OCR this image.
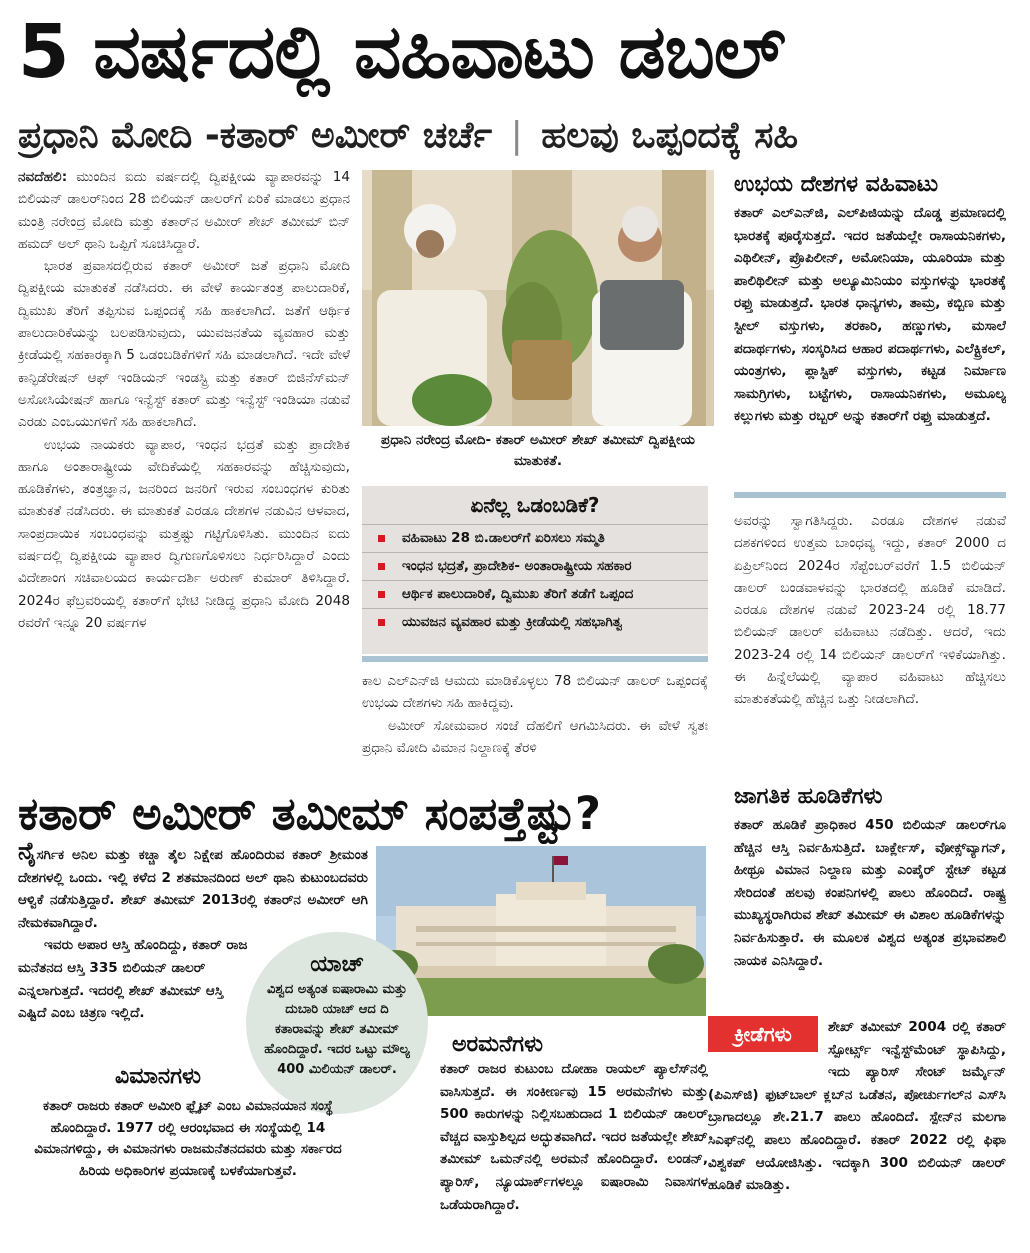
5 ವರ್ಷದಲ್ಲಿ ವಹಿವಾಟು ಡಬಲ್
ಪ್ರಧಾನಿ ಮೋದಿ -ಕತಾರ್ ಅಮೀರ್ ಚರ್ಚೆ | ಹಲವು ಒಪ್ಪಂದಕ್ಕೆ ಸಹಿ

ನವದೆಹಲಿ: ಮುಂದಿನ ಐದು ವರ್ಷದಲ್ಲಿ ದ್ವಿಪಕ್ಷೀಯ ವ್ಯಾಪಾರವನ್ನು 14 ಬಿಲಿಯನ್ ಡಾಲರ್‌ನಿಂದ 28 ಬಿಲಿಯನ್ ಡಾಲರ್‌ಗೆ ಏರಿಕೆ ಮಾಡಲು ಪ್ರಧಾನ ಮಂತ್ರಿ ನರೇಂದ್ರ ಮೋದಿ ಮತ್ತು ಕತಾರ್‌ನ ಅಮೀರ್ ಶೇಖ್ ತಮೀಮ್ ಬಿನ್ ಹಮದ್ ಅಲ್ ಥಾನಿ ಒಪ್ಪಿಗೆ ಸೂಚಿಸಿದ್ದಾರೆ.

ಭಾರತ ಪ್ರವಾಸದಲ್ಲಿರುವ ಕತಾರ್ ಅಮೀರ್ ಜತೆ ಪ್ರಧಾನಿ ಮೋದಿ ದ್ವಿಪಕ್ಷೀಯ ಮಾತುಕತೆ ನಡೆಸಿದರು. ಈ ವೇಳೆ ಕಾರ್ಯತಂತ್ರ ಪಾಲುದಾರಿಕೆ, ದ್ವಿಮುಖ ತೆರಿಗೆ ತಪ್ಪಿಸುವ ಒಪ್ಪಂದಕ್ಕೆ ಸಹಿ ಹಾಕಲಾಗಿದೆ. ಜತೆಗೆ ಆರ್ಥಿಕ ಪಾಲುದಾರಿಕೆಯನ್ನು ಬಲಪಡಿಸುವುದು, ಯುವಜನತೆಯ ವ್ಯವಹಾರ ಮತ್ತು ಕ್ರೀಡೆಯಲ್ಲಿ ಸಹಕಾರಕ್ಕಾಗಿ 5 ಒಡಂಬಡಿಕೆಗಳಿಗೆ ಸಹಿ ಮಾಡಲಾಗಿದೆ. ಇದೇ ವೇಳೆ ಕಾನ್ಫಿಡೆರೇಷನ್ ಆಫ್ ಇಂಡಿಯನ್ ಇಂಡಸ್ಟ್ರಿ ಮತ್ತು ಕತಾರ್ ಬಿಜಿನೆಸ್‌ಮನ್ ಅಸೋಸಿಯೇಷನ್ ಹಾಗೂ ಇನ್ವೆಸ್ಟ್ ಕತಾರ್ ಮತ್ತು ಇನ್ವೆಸ್ಟ್ ಇಂಡಿಯಾ ನಡುವೆ ಎರಡು ಎಂಒಯುಗಳಿಗೆ ಸಹಿ ಹಾಕಲಾಗಿದೆ.

ಉಭಯ ನಾಯಕರು ವ್ಯಾಪಾರ, ಇಂಧನ ಭದ್ರತೆ ಮತ್ತು ಪ್ರಾದೇಶಿಕ ಹಾಗೂ ಅಂತಾರಾಷ್ಟ್ರೀಯ ವೇದಿಕೆಯಲ್ಲಿ ಸಹಕಾರವನ್ನು ಹೆಚ್ಚಿಸುವುದು, ಹೂಡಿಕೆಗಳು, ತಂತ್ರಜ್ಞಾನ, ಜನರಿಂದ ಜನರಿಗೆ ಇರುವ ಸಂಬಂಧಗಳ ಕುರಿತು ಮಾತುಕತೆ ನಡೆಸಿದರು. ಈ ಮಾತುಕತೆ ಎರಡೂ ದೇಶಗಳ ನಡುವಿನ ಆಳವಾದ, ಸಾಂಪ್ರದಾಯಿಕ ಸಂಬಂಧವನ್ನು ಮತ್ತಷ್ಟು ಗಟ್ಟಿಗೊಳಿಸಿತು. ಮುಂದಿನ ಐದು ವರ್ಷದಲ್ಲಿ ದ್ವಿಪಕ್ಷೀಯ ವ್ಯಾಪಾರ ದ್ವಿಗುಣಗೊಳಿಸಲು ನಿರ್ಧರಿಸಿದ್ದಾರೆ ಎಂದು ವಿದೇಶಾಂಗ ಸಚಿವಾಲಯದ ಕಾರ್ಯದರ್ಶಿ ಅರುಣ್ ಕುಮಾರ್ ತಿಳಿಸಿದ್ದಾರೆ. 2024ರ ಫೆಬ್ರವರಿಯಲ್ಲಿ ಕತಾರ್‌ಗೆ ಭೇಟಿ ನೀಡಿದ್ದ ಪ್ರಧಾನಿ ಮೋದಿ 2048 ರವರೆಗೆ ಇನ್ನೂ 20 ವರ್ಷಗಳ

ಪ್ರಧಾನಿ ನರೇಂದ್ರ ಮೋದಿ- ಕತಾರ್ ಅಮೀರ್ ಶೇಖ್ ತಮೀಮ್ ದ್ವಿಪಕ್ಷೀಯ ಮಾತುಕತೆ.
ಏನೆಲ್ಲ ಒಡಂಬಡಿಕೆ?
ವಹಿವಾಟು 28 ಬಿ.ಡಾಲರ್‌ಗೆ ಏರಿಸಲು ಸಮ್ಮತಿ
ಇಂಧನ ಭದ್ರತೆ, ಪ್ರಾದೇಶಿಕ- ಅಂತಾರಾಷ್ಟ್ರೀಯ ಸಹಕಾರ
ಆರ್ಥಿಕ ಪಾಲುದಾರಿಕೆ, ದ್ವಿಮುಖ ತೆರಿಗೆ ತಡೆಗೆ ಒಪ್ಪಂದ
ಯುವಜನ ವ್ಯವಹಾರ ಮತ್ತು ಕ್ರೀಡೆಯಲ್ಲಿ ಸಹಭಾಗಿತ್ವ

ಕಾಲ ಎಲ್‌ಎನ್‌ಜಿ ಆಮದು ಮಾಡಿಕೊಳ್ಳಲು 78 ಬಿಲಿಯನ್ ಡಾಲರ್ ಒಪ್ಪಂದಕ್ಕೆ ಉಭಯ ದೇಶಗಳು ಸಹಿ ಹಾಕಿದ್ದವು.

ಅಮೀರ್ ಸೋಮವಾರ ಸಂಜೆ ದೆಹಲಿಗೆ ಆಗಮಿಸಿದರು. ಈ ವೇಳೆ ಸ್ವತಃ ಪ್ರಧಾನಿ ಮೋದಿ ವಿಮಾನ ನಿಲ್ದಾಣಕ್ಕೆ ತೆರಳಿ

ಉಭಯ ದೇಶಗಳ ವಹಿವಾಟು
ಕತಾರ್ ಎಲ್‌ಎನ್‌ಜಿ, ಎಲ್‌ಪಿಜಿಯನ್ನು ದೊಡ್ಡ ಪ್ರಮಾಣದಲ್ಲಿ ಭಾರತಕ್ಕೆ ಪೂರೈಸುತ್ತದೆ. ಇದರ ಜತೆಯಲ್ಲೇ ರಾಸಾಯನಿಕಗಳು, ಎಥಿಲೀನ್, ಪ್ರೊಪಿಲೀನ್, ಅಮೋನಿಯಾ, ಯೂರಿಯಾ ಮತ್ತು ಪಾಲಿಥಿಲೀನ್ ಮತ್ತು ಅಲ್ಯೂಮಿನಿಯಂ ವಸ್ತುಗಳನ್ನು ಭಾರತಕ್ಕೆ ರಫ್ತು ಮಾಡುತ್ತದೆ. ಭಾರತ ಧಾನ್ಯಗಳು, ತಾಮ್ರ, ಕಬ್ಬಿಣ ಮತ್ತು ಸ್ಟೀಲ್ ವಸ್ತುಗಳು, ತರಕಾರಿ, ಹಣ್ಣುಗಳು, ಮಸಾಲೆ ಪದಾರ್ಥಗಳು, ಸಂಸ್ಕರಿಸಿದ ಆಹಾರ ಪದಾರ್ಥಗಳು, ಎಲೆಕ್ಟ್ರಿಕಲ್, ಯಂತ್ರಗಳು, ಪ್ಲಾಸ್ಟಿಕ್ ವಸ್ತುಗಳು, ಕಟ್ಟಡ ನಿರ್ಮಾಣ ಸಾಮಗ್ರಿಗಳು, ಬಟ್ಟೆಗಳು, ರಾಸಾಯನಿಕಗಳು, ಅಮೂಲ್ಯ ಕಲ್ಲುಗಳು ಮತ್ತು ರಬ್ಬರ್ ಅನ್ನು ಕತಾರ್‌ಗೆ ರಫ್ತು ಮಾಡುತ್ತದೆ.

ಅವರನ್ನು ಸ್ವಾಗತಿಸಿದ್ದರು. ಎರಡೂ ದೇಶಗಳ ನಡುವೆ ದಶಕಗಳಿಂದ ಉತ್ತಮ ಬಾಂಧವ್ಯ ಇದ್ದು, ಕತಾರ್ 2000 ದ ಏಪ್ರಿಲ್‌ನಿಂದ 2024ರ ಸೆಪ್ಟೆಂಬರ್‌ವರೆಗೆ 1.5 ಬಿಲಿಯನ್ ಡಾಲರ್ ಬಂಡವಾಳವನ್ನು ಭಾರತದಲ್ಲಿ ಹೂಡಿಕೆ ಮಾಡಿದೆ. ಎರಡೂ ದೇಶಗಳ ನಡುವೆ 2023-24 ರಲ್ಲಿ 18.77 ಬಿಲಿಯನ್ ಡಾಲರ್ ವಹಿವಾಟು ನಡೆದಿತ್ತು. ಆದರೆ, ಇದು 2023-24 ರಲ್ಲಿ 14 ಬಿಲಿಯನ್ ಡಾಲರ್‌ಗೆ ಇಳಿಕೆಯಾಗಿತ್ತು. ಈ ಹಿನ್ನೆಲೆಯಲ್ಲಿ ವ್ಯಾಪಾರ ವಹಿವಾಟು ಹೆಚ್ಚಿಸಲು ಮಾತುಕತೆಯಲ್ಲಿ ಹೆಚ್ಚಿನ ಒತ್ತು ನೀಡಲಾಗಿದೆ.

ಕತಾರ್ ಅಮೀರ್ ತಮೀಮ್ ಸಂಪತ್ತೆಷ್ಟು?
ನೈಸರ್ಗಿಕ ಅನಿಲ ಮತ್ತು ಕಚ್ಚಾ ತೈಲ ನಿಕ್ಷೇಪ ಹೊಂದಿರುವ ಕತಾರ್ ಶ್ರೀಮಂತ ದೇಶಗಳಲ್ಲಿ ಒಂದು. ಇಲ್ಲಿ ಕಳೆದ 2 ಶತಮಾನದಿಂದ ಅಲ್ ಥಾನಿ ಕುಟುಂಬದವರು ಆಳ್ವಿಕೆ ನಡೆಸುತ್ತಿದ್ದಾರೆ. ಶೇಖ್ ತಮೀಮ್ 2013ರಲ್ಲಿ ಕತಾರ್‌ನ ಅಮೀರ್ ಆಗಿ ನೇಮಕವಾಗಿದ್ದಾರೆ.
ಇವರು ಅಪಾರ ಆಸ್ತಿ ಹೊಂದಿದ್ದು, ಕತಾರ್ ರಾಜ ಮನೆತನದ ಆಸ್ತಿ 335 ಬಿಲಿಯನ್ ಡಾಲರ್ ಎನ್ನಲಾಗುತ್ತದೆ. ಇದರಲ್ಲಿ ಶೇಖ್ ತಮೀಮ್ ಆಸ್ತಿ ಎಷ್ಟಿದೆ ಎಂಬ ಚಿತ್ರಣ ಇಲ್ಲಿದೆ.
ಯಾಚ್
ವಿಶ್ವದ ಅತ್ಯಂತ ಐಷಾರಾಮಿ ಮತ್ತು ದುಬಾರಿ ಯಾಚ್ ಆದ ದಿ ಕತಾರಾವನ್ನು ಶೇಖ್ ತಮೀಮ್ ಹೊಂದಿದ್ದಾರೆ. ಇದರ ಒಟ್ಟು ಮೌಲ್ಯ 400 ಮಿಲಿಯನ್ ಡಾಲರ್.
ವಿಮಾನಗಳು
ಕತಾರ್ ರಾಜರು ಕತಾರ್ ಅಮೀರಿ ಫ್ಲೈಟ್ ಎಂಬ ವಿಮಾನಯಾನ ಸಂಸ್ಥೆ ಹೊಂದಿದ್ದಾರೆ. 1977 ರಲ್ಲಿ ಆರಂಭವಾದ ಈ ಸಂಸ್ಥೆಯಲ್ಲಿ 14 ವಿಮಾನಗಳಿದ್ದು, ಈ ವಿಮಾನಗಳು ರಾಜಮನೆತನದವರು ಮತ್ತು ಸರ್ಕಾರದ ಹಿರಿಯ ಅಧಿಕಾರಿಗಳ ಪ್ರಯಾಣಕ್ಕೆ ಬಳಕೆಯಾಗುತ್ತವೆ.
ಅರಮನೆಗಳು
ಕತಾರ್ ರಾಜರ ಕುಟುಂಬ ದೋಹಾ ರಾಯಲ್ ಪ್ಯಾಲೆಸ್‌ನಲ್ಲಿ ವಾಸಿಸುತ್ತದೆ. ಈ ಸಂಕೀರ್ಣವು 15 ಅರಮನೆಗಳು ಮತ್ತು 500 ಕಾರುಗಳನ್ನು ನಿಲ್ಲಿಸಬಹುದಾದ 1 ಬಿಲಿಯನ್ ಡಾಲರ್ ವೆಚ್ಚದ ವಾಸ್ತುಶಿಲ್ಪದ ಅದ್ಭುತವಾಗಿದೆ. ಇದರ ಜತೆಯಲ್ಲೇ ಶೇಖ್ ತಮೀಮ್ ಒಮನ್‌ನಲ್ಲಿ ಅರಮನೆ ಹೊಂದಿದ್ದಾರೆ. ಲಂಡನ್, ಪ್ಯಾರಿಸ್, ನ್ಯೂಯಾರ್ಕ್‌ಗಳಲ್ಲೂ ಐಷಾರಾಮಿ ನಿವಾಸಗಳ ಒಡೆಯರಾಗಿದ್ದಾರೆ.
ಜಾಗತಿಕ ಹೂಡಿಕೆಗಳು
ಕತಾರ್ ಹೂಡಿಕೆ ಪ್ರಾಧಿಕಾರ 450 ಬಿಲಿಯನ್ ಡಾಲರ್‌ಗೂ ಹೆಚ್ಚಿನ ಆಸ್ತಿ ನಿರ್ವಹಿಸುತ್ತಿದೆ. ಬಾರ್ಕ್ಲೇಸ್, ವೋಕ್ಸ್‌ವ್ಯಾಗನ್, ಹೀಥ್ರೂ ವಿಮಾನ ನಿಲ್ದಾಣ ಮತ್ತು ಎಂಪೈರ್ ಸ್ಟೇಟ್ ಕಟ್ಟಡ ಸೇರಿದಂತೆ ಹಲವು ಕಂಪನಿಗಳಲ್ಲಿ ಪಾಲು ಹೊಂದಿದೆ. ರಾಷ್ಟ್ರ ಮುಖ್ಯಸ್ಥರಾಗಿರುವ ಶೇಖ್ ತಮೀಮ್ ಈ ವಿಶಾಲ ಹೂಡಿಕೆಗಳನ್ನು ನಿರ್ವಹಿಸುತ್ತಾರೆ. ಈ ಮೂಲಕ ವಿಶ್ವದ ಅತ್ಯಂತ ಪ್ರಭಾವಶಾಲಿ ನಾಯಕ ಎನಿಸಿದ್ದಾರೆ.
ಕ್ರೀಡೆಗಳು	ಶೇಖ್ ತಮೀಮ್ 2004 ರಲ್ಲಿ ಕತಾರ್ ಸ್ಪೋರ್ಟ್ಸ್ ಇನ್ವೆಸ್ಟ್‌ಮೆಂಟ್ ಸ್ಥಾಪಿಸಿದ್ದು, ಇದು ಪ್ಯಾರಿಸ್ ಸೇಂಟ್ ಜರ್ಮೈನ್ (ಪಿಎಸ್‌ಜಿ) ಫುಟ್‌ಬಾಲ್ ಕ್ಲಬ್‌ನ ಒಡೆತನ, ಪೋರ್ಚುಗಲ್‌ನ ಎಸ್‌ಸಿ ಬ್ರಾಗಾದಲ್ಲೂ ಶೇ.21.7 ಪಾಲು ಹೊಂದಿದೆ. ಸ್ಪೇನ್‌ನ ಮಲಗಾ ಸಿಎಫ್‌ನಲ್ಲಿ ಪಾಲು ಹೊಂದಿದ್ದಾರೆ. ಕತಾರ್ 2022 ರಲ್ಲಿ ಫಿಫಾ ವಿಶ್ವಕಪ್ ಆಯೋಜಿಸಿತ್ತು. ಇದಕ್ಕಾಗಿ 300 ಬಿಲಿಯನ್ ಡಾಲರ್ ಹೂಡಿಕೆ ಮಾಡಿತ್ತು.
